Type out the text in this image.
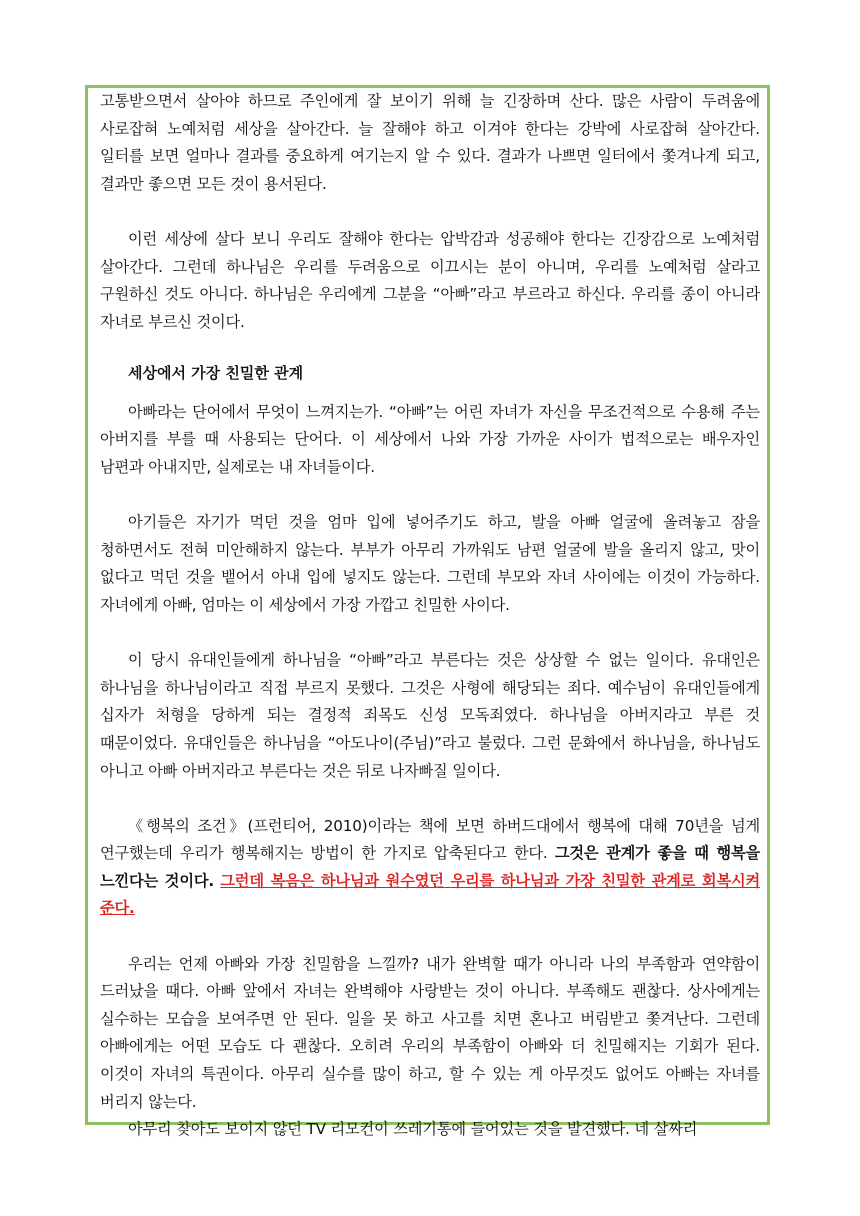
고통받으면서 살아야 하므로 주인에게 잘 보이기 위해 늘 긴장하며 산다. 많은 사람이 두려움에 사로잡혀 노예처럼 세상을 살아간다. 늘 잘해야 하고 이겨야 한다는 강박에 사로잡혀 살아간다. 일터를 보면 얼마나 결과를 중요하게 여기는지 알 수 있다. 결과가 나쁘면 일터에서 쫓겨나게 되고, 결과만 좋으면 모든 것이 용서된다.

이런 세상에 살다 보니 우리도 잘해야 한다는 압박감과 성공해야 한다는 긴장감으로 노예처럼 살아간다. 그런데 하나님은 우리를 두려움으로 이끄시는 분이 아니며, 우리를 노예처럼 살라고 구원하신 것도 아니다. 하나님은 우리에게 그분을 “아빠”라고 부르라고 하신다. 우리를 종이 아니라 자녀로 부르신 것이다.

세상에서 가장 친밀한 관계

아빠라는 단어에서 무엇이 느껴지는가. “아빠”는 어린 자녀가 자신을 무조건적으로 수용해 주는 아버지를 부를 때 사용되는 단어다. 이 세상에서 나와 가장 가까운 사이가 법적으로는 배우자인 남편과 아내지만, 실제로는 내 자녀들이다.

아기들은 자기가 먹던 것을 엄마 입에 넣어주기도 하고, 발을 아빠 얼굴에 올려놓고 잠을 청하면서도 전혀 미안해하지 않는다. 부부가 아무리 가까워도 남편 얼굴에 발을 올리지 않고, 맛이 없다고 먹던 것을 뱉어서 아내 입에 넣지도 않는다. 그런데 부모와 자녀 사이에는 이것이 가능하다. 자녀에게 아빠, 엄마는 이 세상에서 가장 가깝고 친밀한 사이다.

이 당시 유대인들에게 하나님을 “아빠”라고 부른다는 것은 상상할 수 없는 일이다. 유대인은 하나님을 하나님이라고 직접 부르지 못했다. 그것은 사형에 해당되는 죄다. 예수님이 유대인들에게 십자가 처형을 당하게 되는 결정적 죄목도 신성 모독죄였다. 하나님을 아버지라고 부른 것 때문이었다. 유대인들은 하나님을 “아도나이(주님)”라고 불렀다. 그런 문화에서 하나님을, 하나님도 아니고 아빠 아버지라고 부른다는 것은 뒤로 나자빠질 일이다.

《행복의 조건》(프런티어, 2010)이라는 책에 보면 하버드대에서 행복에 대해 70년을 넘게 연구했는데 우리가 행복해지는 방법이 한 가지로 압축된다고 한다. 그것은 관계가 좋을 때 행복을 느낀다는 것이다. 그런데 복음은 하나님과 원수였던 우리를 하나님과 가장 친밀한 관계로 회복시켜 준다.

우리는 언제 아빠와 가장 친밀함을 느낄까? 내가 완벽할 때가 아니라 나의 부족함과 연약함이 드러났을 때다. 아빠 앞에서 자녀는 완벽해야 사랑받는 것이 아니다. 부족해도 괜찮다. 상사에게는 실수하는 모습을 보여주면 안 된다. 일을 못 하고 사고를 치면 혼나고 버림받고 쫓겨난다. 그런데 아빠에게는 어떤 모습도 다 괜찮다. 오히려 우리의 부족함이 아빠와 더 친밀해지는 기회가 된다. 이것이 자녀의 특권이다. 아무리 실수를 많이 하고, 할 수 있는 게 아무것도 없어도 아빠는 자녀를 버리지 않는다.

아무리 찾아도 보이지 않던 TV 리모컨이 쓰레기통에 들어있는 것을 발견했다. 네 살짜리
